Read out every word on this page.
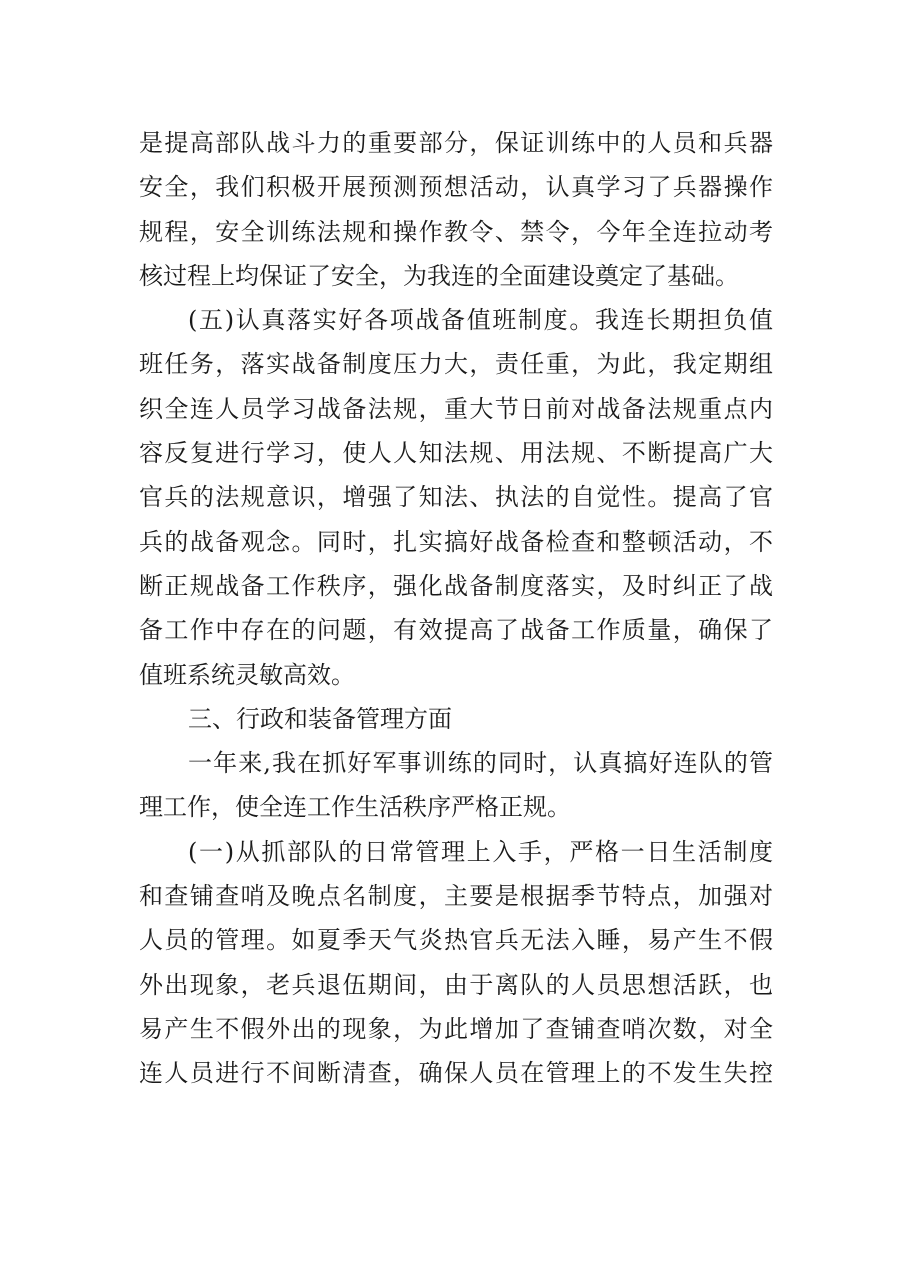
是提高部队战斗力的重要部分，保证训练中的人员和兵器
安全，我们积极开展预测预想活动，认真学习了兵器操作
规程，安全训练法规和操作教令、禁令，今年全连拉动考
核过程上均保证了安全，为我连的全面建设奠定了基础。
(五)认真落实好各项战备值班制度。我连长期担负值
班任务，落实战备制度压力大，责任重，为此，我定期组
织全连人员学习战备法规，重大节日前对战备法规重点内
容反复进行学习，使人人知法规、用法规、不断提高广大
官兵的法规意识，增强了知法、执法的自觉性。提高了官
兵的战备观念。同时，扎实搞好战备检查和整顿活动，不
断正规战备工作秩序，强化战备制度落实，及时纠正了战
备工作中存在的问题，有效提高了战备工作质量，确保了
值班系统灵敏高效。
三、行政和装备管理方面
一年来,我在抓好军事训练的同时，认真搞好连队的管
理工作，使全连工作生活秩序严格正规。
(一)从抓部队的日常管理上入手，严格一日生活制度
和查铺查哨及晚点名制度，主要是根据季节特点，加强对
人员的管理。如夏季天气炎热官兵无法入睡，易产生不假
外出现象，老兵退伍期间，由于离队的人员思想活跃，也
易产生不假外出的现象，为此增加了查铺查哨次数，对全
连人员进行不间断清查，确保人员在管理上的不发生失控
